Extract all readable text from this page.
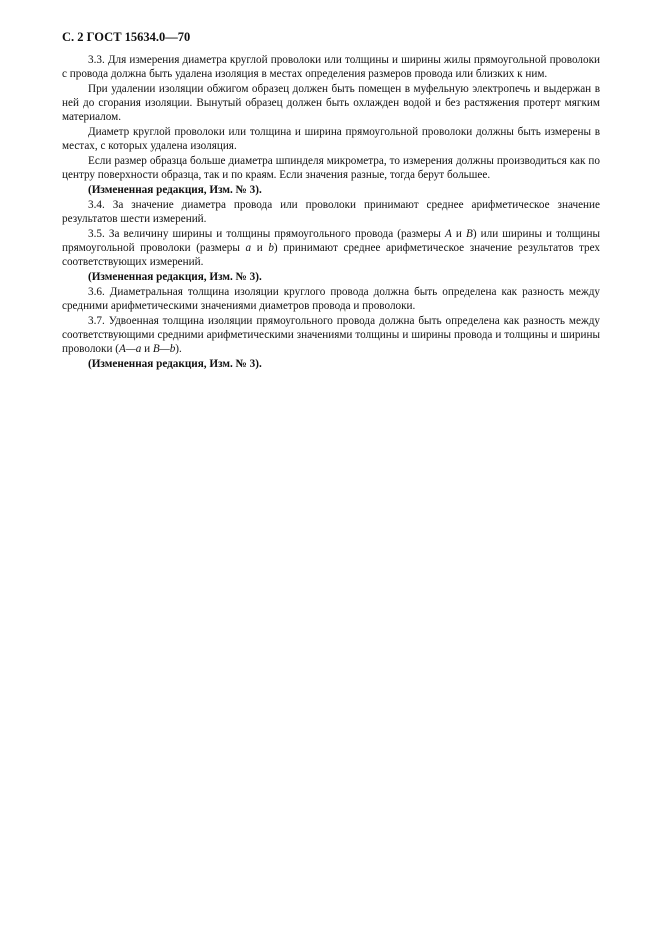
С. 2 ГОСТ 15634.0—70

3.3. Для измерения диаметра круглой проволоки или толщины и ширины жилы прямоугольной проволоки с провода должна быть удалена изоляция в местах определения размеров провода или близких к ним.

При удалении изоляции обжигом образец должен быть помещен в муфельную электропечь и выдержан в ней до сгорания изоляции. Вынутый образец должен быть охлажден водой и без растяжения протерт мягким материалом.

Диаметр круглой проволоки или толщина и ширина прямоугольной проволоки должны быть измерены в местах, с которых удалена изоляция.

Если размер образца больше диаметра шпинделя микрометра, то измерения должны производиться как по центру поверхности образца, так и по краям. Если значения разные, тогда берут большее.

(Измененная редакция, Изм. № 3).

3.4. За значение диаметра провода или проволоки принимают среднее арифметическое значение результатов шести измерений.

3.5. За величину ширины и толщины прямоугольного провода (размеры A и B) или ширины и толщины прямоугольной проволоки (размеры a и b) принимают среднее арифметическое значение результатов трех соответствующих измерений.

(Измененная редакция, Изм. № 3).

3.6. Диаметральная толщина изоляции круглого провода должна быть определена как разность между средними арифметическими значениями диаметров провода и проволоки.

3.7. Удвоенная толщина изоляции прямоугольного провода должна быть определена как разность между соответствующими средними арифметическими значениями толщины и ширины провода и толщины и ширины проволоки (A—a и B—b).

(Измененная редакция, Изм. № 3).
